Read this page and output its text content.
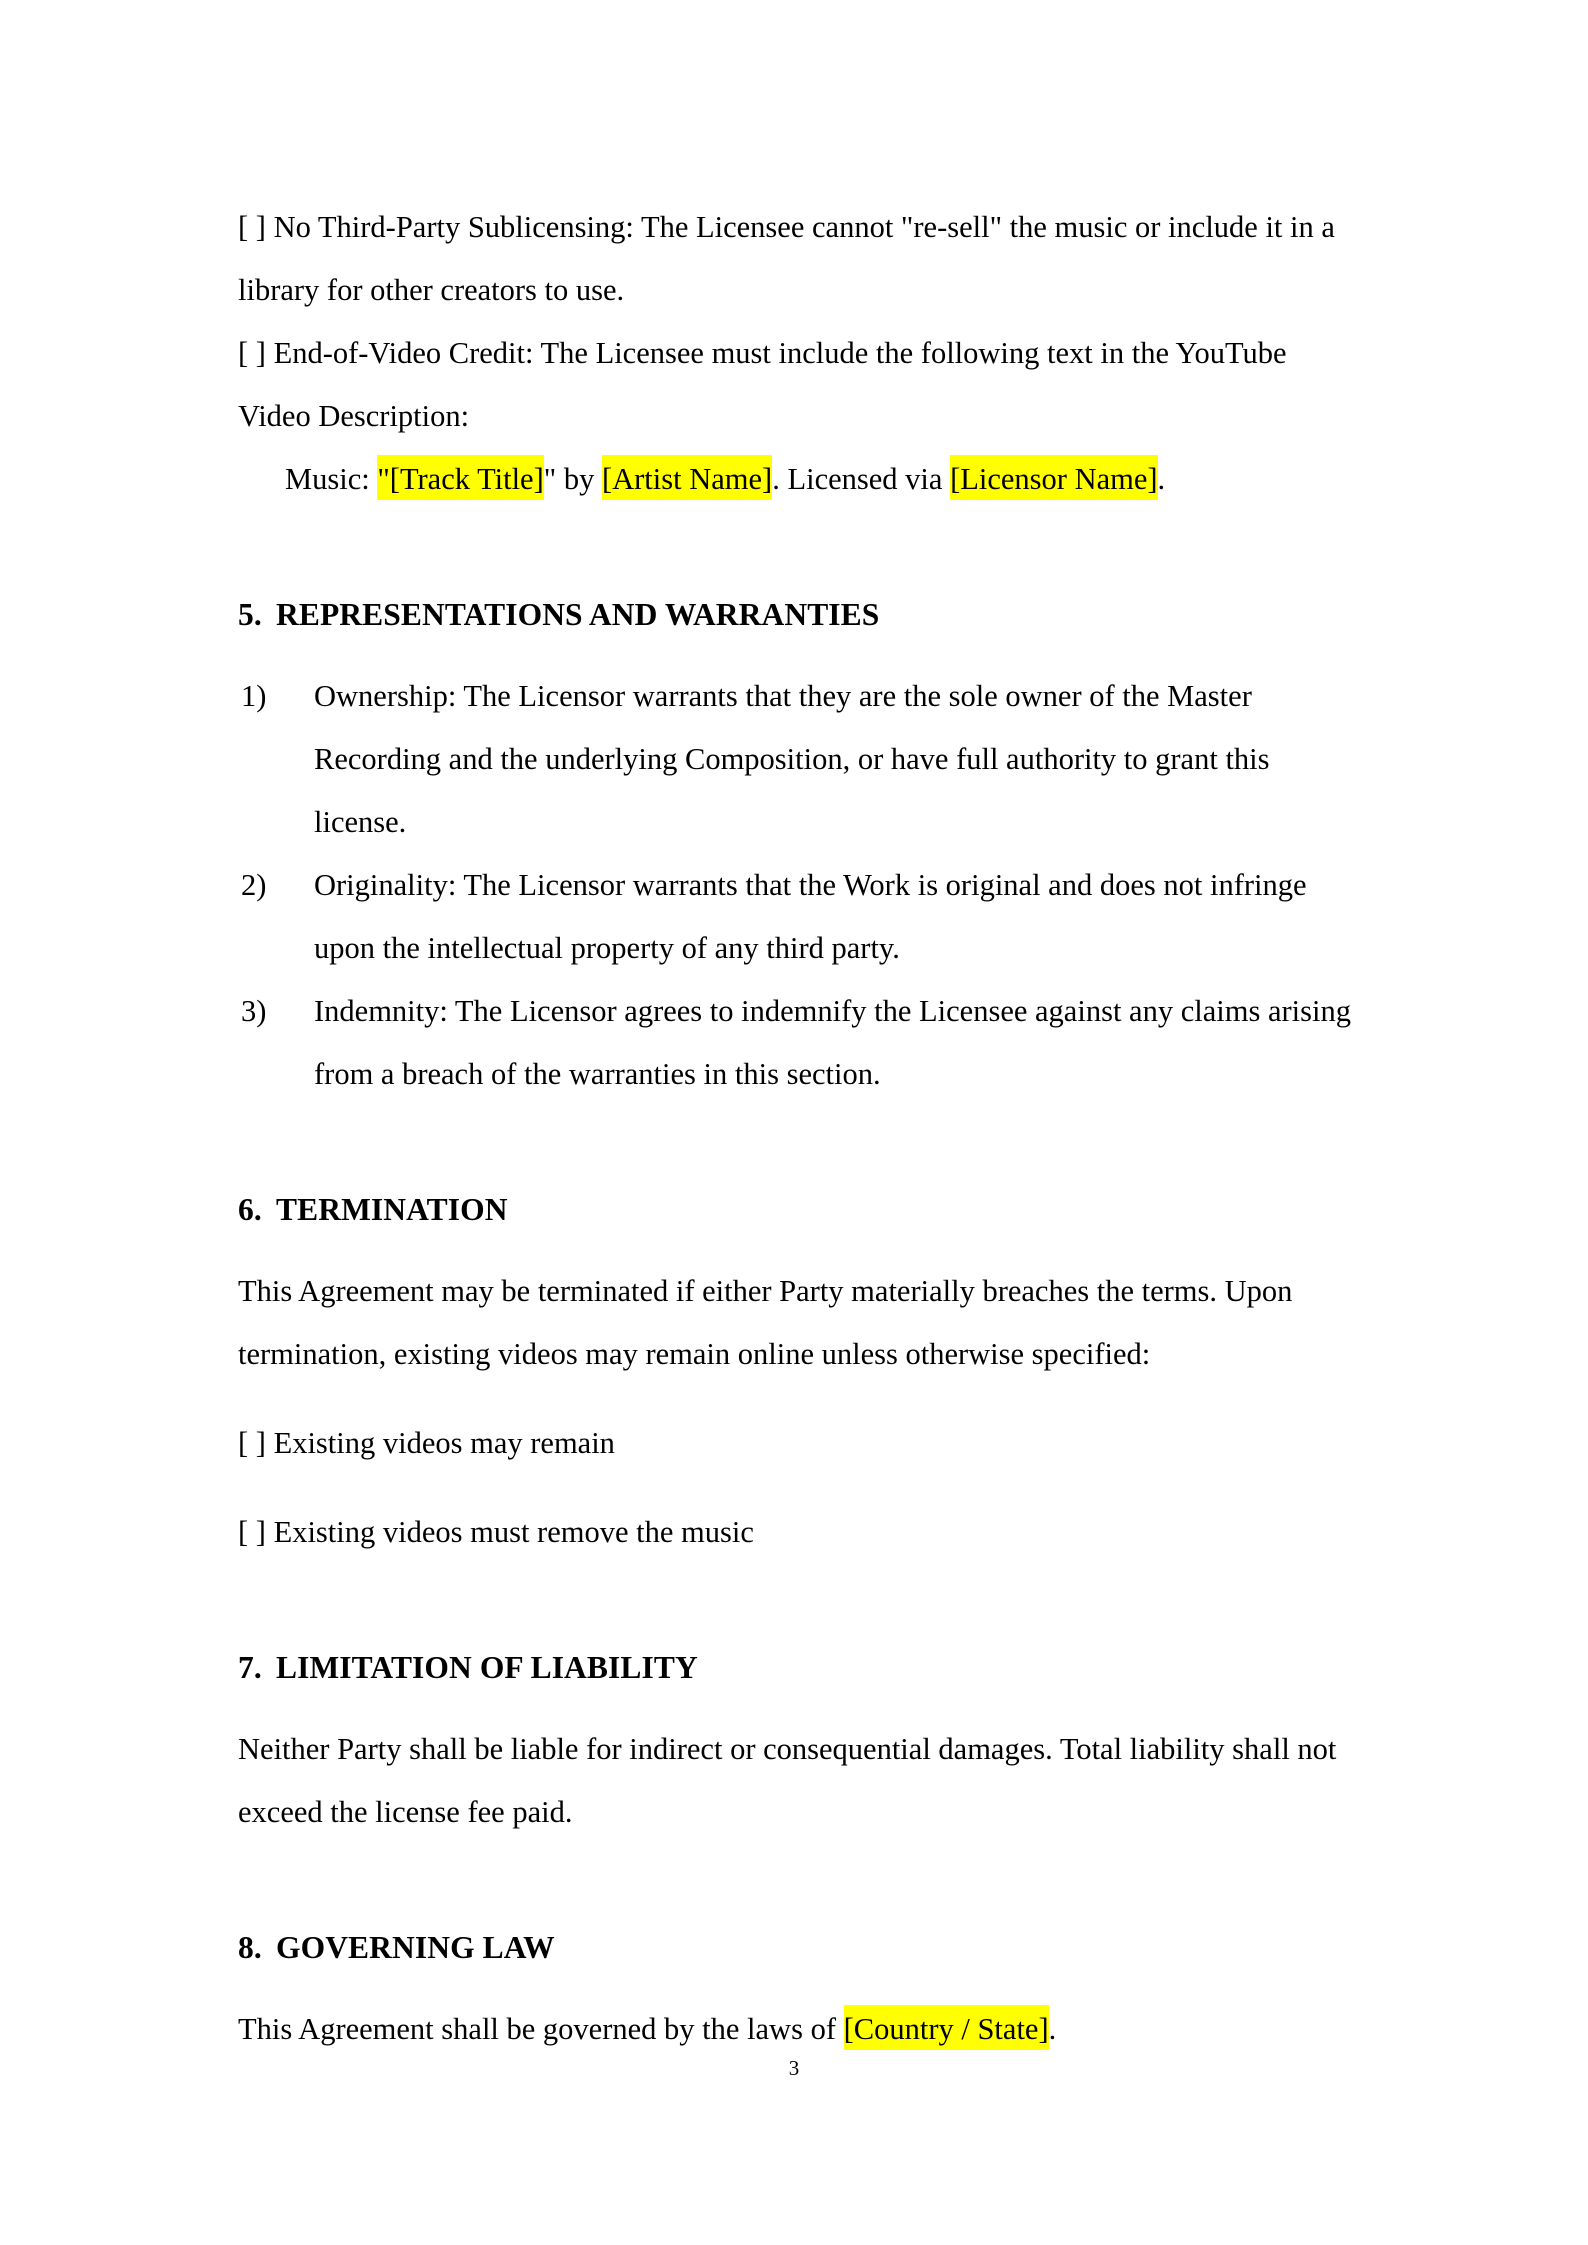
[ ] No Third-Party Sublicensing: The Licensee cannot "re-sell" the music or include it in a library for other creators to use.

[ ] End-of-Video Credit: The Licensee must include the following text in the YouTube Video Description:

Music: "[Track Title]" by [Artist Name]. Licensed via [Licensor Name].

5. REPRESENTATIONS AND WARRANTIES
1)	Ownership: The Licensor warrants that they are the sole owner of the Master Recording and the underlying Composition, or have full authority to grant this license.
2)	Originality: The Licensor warrants that the Work is original and does not infringe upon the intellectual property of any third party.
3)	Indemnity: The Licensor agrees to indemnify the Licensee against any claims arising from a breach of the warranties in this section.
6. TERMINATION

This Agreement may be terminated if either Party materially breaches the terms. Upon termination, existing videos may remain online unless otherwise specified:

[ ] Existing videos may remain

[ ] Existing videos must remove the music

7. LIMITATION OF LIABILITY

Neither Party shall be liable for indirect or consequential damages. Total liability shall not exceed the license fee paid.

8. GOVERNING LAW

This Agreement shall be governed by the laws of [Country / State].

3
